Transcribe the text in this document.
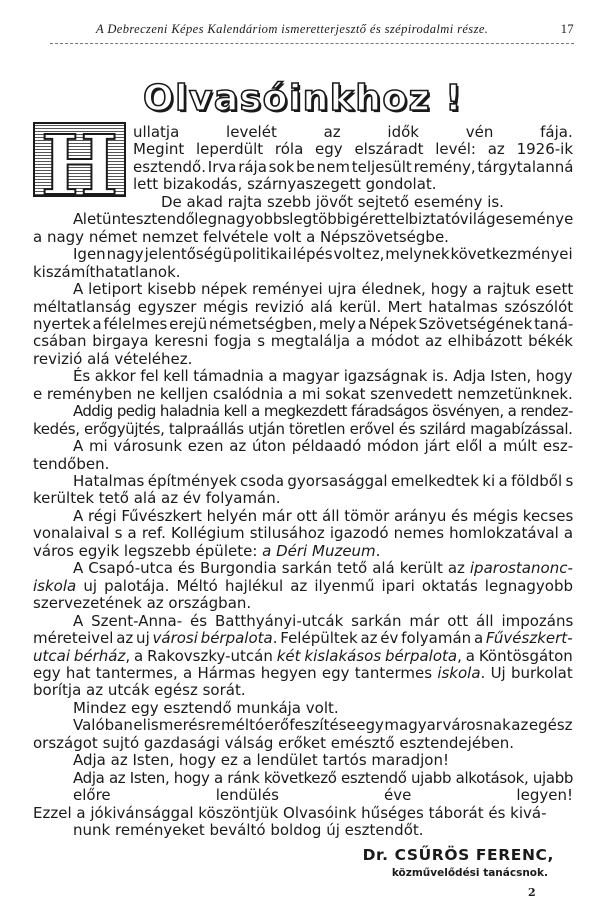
A Debreczeni Képes Kalendáriom ismeretterjesztő és szépirodalmi része.	17
Olvasóinkhoz !
H ullatja levelét az idők vén fája.
Megint leperdült róla egy elszáradt levél: az 1926-ik
esztendő. Irva rája sok be nem teljesült remény, tárgytalanná
lett bizakodás, szárnyaszegett gondolat.
De akad rajta szebb jövőt sejtető esemény is.
A letünt esztendő legnagyobb s legtöbb igérettel biztató világeseménye
a nagy német nemzet felvétele volt a Népszövetségbe.
Igen nagy jelentőségü politikai lépés volt ez, melynek következményei
kiszámíthatatlanok.
A letiport kisebb népek reményei ujra élednek, hogy a rajtuk esett
méltatlanság egyszer mégis revizió alá kerül. Mert hatalmas szószólót
nyertek a félelmes erejü németségben, mely a Népek Szövetségének taná-
csában birgaya keresni fogja s megtalálja a módot az elhibázott békék
revizió alá vételéhez.
És akkor fel kell támadnia a magyar igazságnak is. Adja Isten, hogy
e reményben ne kelljen csalódnia a mi sokat szenvedett nemzetünknek.
Addig pedig haladnia kell a megkezdett fáradságos ösvényen, a rendez-
kedés, erőgyüjtés, talpraállás utján töretlen erővel és szilárd magabízással.
A mi városunk ezen az úton példaadó módon járt elől a múlt esz-
tendőben.
Hatalmas építmények csoda gyorsasággal emelkedtek ki a földből s
kerültek tető alá az év folyamán.
A régi Fűvészkert helyén már ott áll tömör arányu és mégis kecses
vonalaival s a ref. Kollégium stilusához igazodó nemes homlokzatával a
város egyik legszebb épülete: a Déri Muzeum.
A Csapó-utca és Burgondia sarkán tető alá került az iparostanonc-
iskola uj palotája. Méltó hajlékul az ilyenmű ipari oktatás legnagyobb
szervezetének az országban.
A Szent-Anna- és Batthyányi-utcák sarkán már ott áll impozáns
méreteivel az uj városi bérpalota. Felépültek az év folyamán a Fűvészkert-
utcai bérház, a Rakovszky-utcán két kislakásos bérpalota, a Köntösgáton
egy hat tantermes, a Hármas hegyen egy tantermes iskola. Uj burkolat
borítja az utcák egész sorát.
Mindez egy esztendő munkája volt.
Valóban elismerésre méltó erőfeszítése egy magyar városnak az egész
országot sujtó gazdasági válság erőket emésztő esztendejében.
Adja az Isten, hogy ez a lendület tartós maradjon!
Adja az Isten, hogy a ránk következő esztendő ujabb alkotások, ujabb
előre lendülés éve legyen!
Ezzel a jókivánsággal köszöntjük Olvasóink hűséges táborát és kivá-
nunk reményeket beváltó boldog új esztendőt.
Dr. CSŰRÖS FERENC,
közművelődési tanácsnok.
2
